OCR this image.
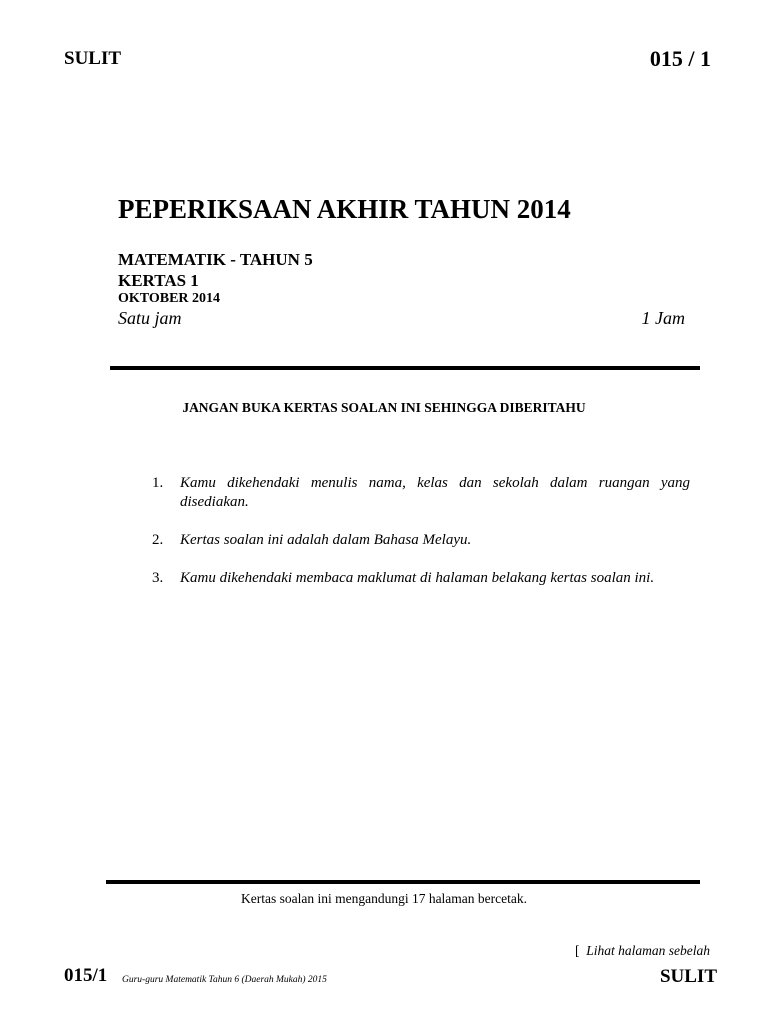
SULIT	015 / 1
PEPERIKSAAN AKHIR TAHUN 2014
MATEMATIK - TAHUN 5
KERTAS 1
OKTOBER 2014
Satu jam	1 Jam
JANGAN BUKA KERTAS SOALAN INI SEHINGGA DIBERITAHU
1. Kamu dikehendaki menulis nama, kelas dan sekolah dalam ruangan yang disediakan.
2. Kertas soalan ini adalah dalam Bahasa Melayu.
3. Kamu dikehendaki membaca maklumat di halaman belakang kertas soalan ini.
Kertas soalan ini mengandungi 17 halaman bercetak.
[ Lihat halaman sebelah
015/1 Guru-guru Matematik Tahun 6 (Daerah Mukah) 2015	SULIT
